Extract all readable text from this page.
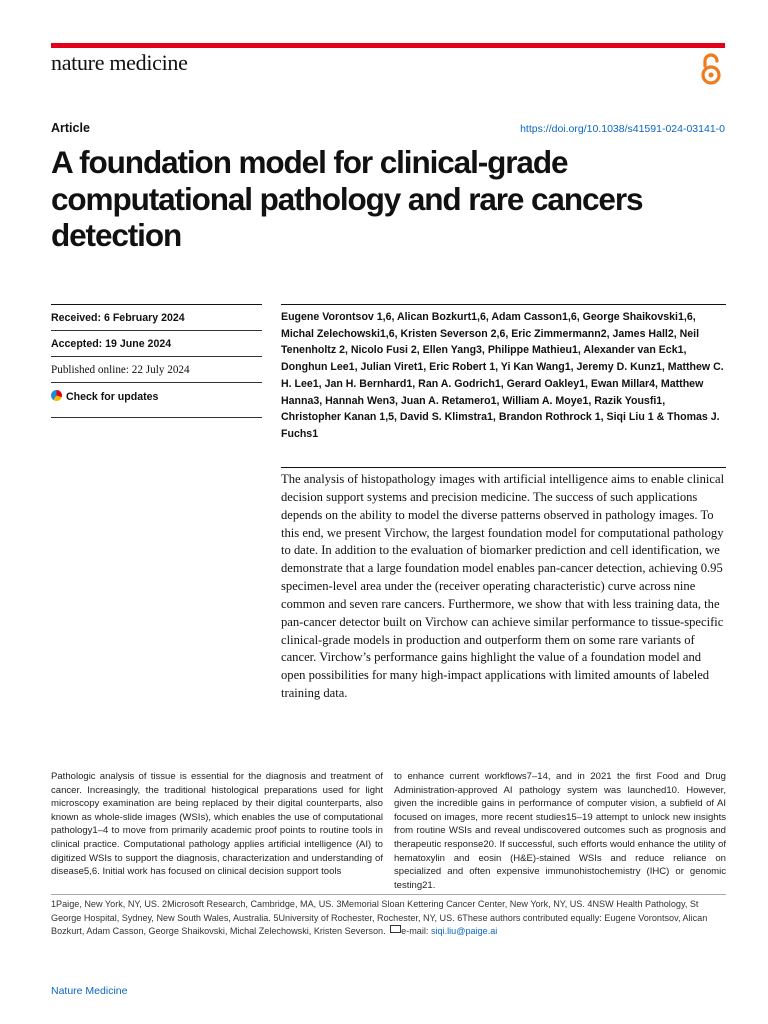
nature medicine
Article	https://doi.org/10.1038/s41591-024-03141-0
A foundation model for clinical-grade computational pathology and rare cancers detection
Received: 6 February 2024
Accepted: 19 June 2024
Published online: 22 July 2024
Check for updates
Eugene Vorontsov 1,6, Alican Bozkurt1,6, Adam Casson1,6, George Shaikovski1,6, Michal Zelechowski1,6, Kristen Severson 2,6, Eric Zimmermann2, James Hall2, Neil Tenenholtz 2, Nicolo Fusi 2, Ellen Yang3, Philippe Mathieu1, Alexander van Eck1, Donghun Lee1, Julian Viret1, Eric Robert 1, Yi Kan Wang1, Jeremy D. Kunz1, Matthew C. H. Lee1, Jan H. Bernhard1, Ran A. Godrich1, Gerard Oakley1, Ewan Millar4, Matthew Hanna3, Hannah Wen3, Juan A. Retamero1, William A. Moye1, Razik Yousfi1, Christopher Kanan 1,5, David S. Klimstra1, Brandon Rothrock 1, Siqi Liu 1 & Thomas J. Fuchs1

The analysis of histopathology images with artificial intelligence aims to enable clinical decision support systems and precision medicine. The success of such applications depends on the ability to model the diverse patterns observed in pathology images. To this end, we present Virchow, the largest foundation model for computational pathology to date. In addition to the evaluation of biomarker prediction and cell identification, we demonstrate that a large foundation model enables pan-cancer detection, achieving 0.95 specimen-level area under the (receiver operating characteristic) curve across nine common and seven rare cancers. Furthermore, we show that with less training data, the pan-cancer detector built on Virchow can achieve similar performance to tissue-specific clinical-grade models in production and outperform them on some rare variants of cancer. Virchow’s performance gains highlight the value of a foundation model and open possibilities for many high-impact applications with limited amounts of labeled training data.

Pathologic analysis of tissue is essential for the diagnosis and treatment of cancer. Increasingly, the traditional histological preparations used for light microscopy examination are being replaced by their digital counterparts, also known as whole-slide images (WSIs), which enables the use of computational pathology1–4 to move from primarily academic proof points to routine tools in clinical practice. Computational pathology applies artificial intelligence (AI) to digitized WSIs to support the diagnosis, characterization and understanding of disease5,6. Initial work has focused on clinical decision support tools

to enhance current workflows7–14, and in 2021 the first Food and Drug Administration-approved AI pathology system was launched10. However, given the incredible gains in performance of computer vision, a subfield of AI focused on images, more recent studies15–19 attempt to unlock new insights from routine WSIs and reveal undiscovered outcomes such as prognosis and therapeutic response20. If successful, such efforts would enhance the utility of hematoxylin and eosin (H&E)-stained WSIs and reduce reliance on specialized and often expensive immunohistochemistry (IHC) or genomic testing21.

1Paige, New York, NY, US. 2Microsoft Research, Cambridge, MA, US. 3Memorial Sloan Kettering Cancer Center, New York, NY, US. 4NSW Health Pathology, St George Hospital, Sydney, New South Wales, Australia. 5University of Rochester, Rochester, NY, US. 6These authors contributed equally: Eugene Vorontsov, Alican Bozkurt, Adam Casson, George Shaikovski, Michal Zelechowski, Kristen Severson. e-mail: siqi.liu@paige.ai

Nature Medicine
